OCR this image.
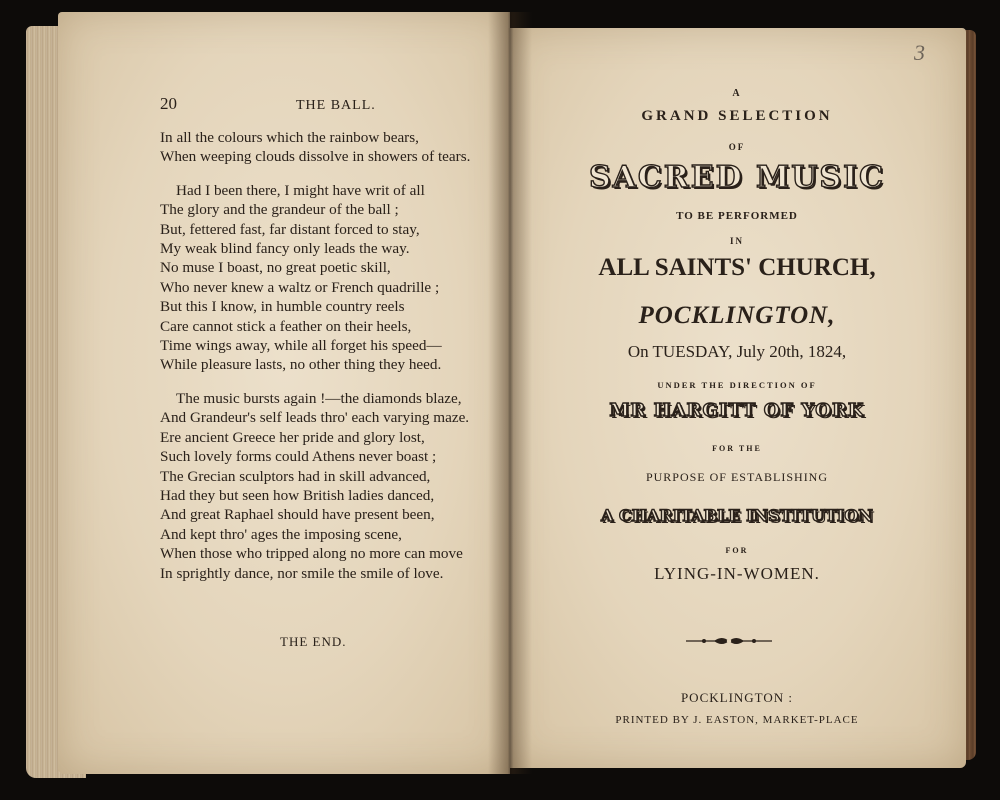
20	THE BALL.
In all the colours which the rainbow bears,
When weeping clouds dissolve in showers of tears.
Had I been there, I might have writ of all
The glory and the grandeur of the ball ;
But, fettered fast, far distant forced to stay,
My weak blind fancy only leads the way.
No muse I boast, no great poetic skill,
Who never knew a waltz or French quadrille ;
But this I know, in humble country reels
Care cannot stick a feather on their heels,
Time wings away, while all forget his speed—
While pleasure lasts, no other thing they heed.
The music bursts again !—the diamonds blaze,
And Grandeur's self leads thro' each varying maze.
Ere ancient Greece her pride and glory lost,
Such lovely forms could Athens never boast ;
The Grecian sculptors had in skill advanced,
Had they but seen how British ladies danced,
And great Raphael should have present been,
And kept thro' ages the imposing scene,
When those who tripped along no more can move
In sprightly dance, nor smile the smile of love.
THE END.
3
A
GRAND SELECTION
OF
SACRED MUSIC
TO BE PERFORMED
IN
ALL SAINTS' CHURCH,
POCKLINGTON,
On TUESDAY, July 20th, 1824,
UNDER THE DIRECTION OF
MR HARGITT OF YORK
FOR THE
PURPOSE OF ESTABLISHING
A CHARITABLE INSTITUTION
FOR
LYING-IN-WOMEN.
POCKLINGTON :
PRINTED BY J. EASTON, MARKET-PLACE
